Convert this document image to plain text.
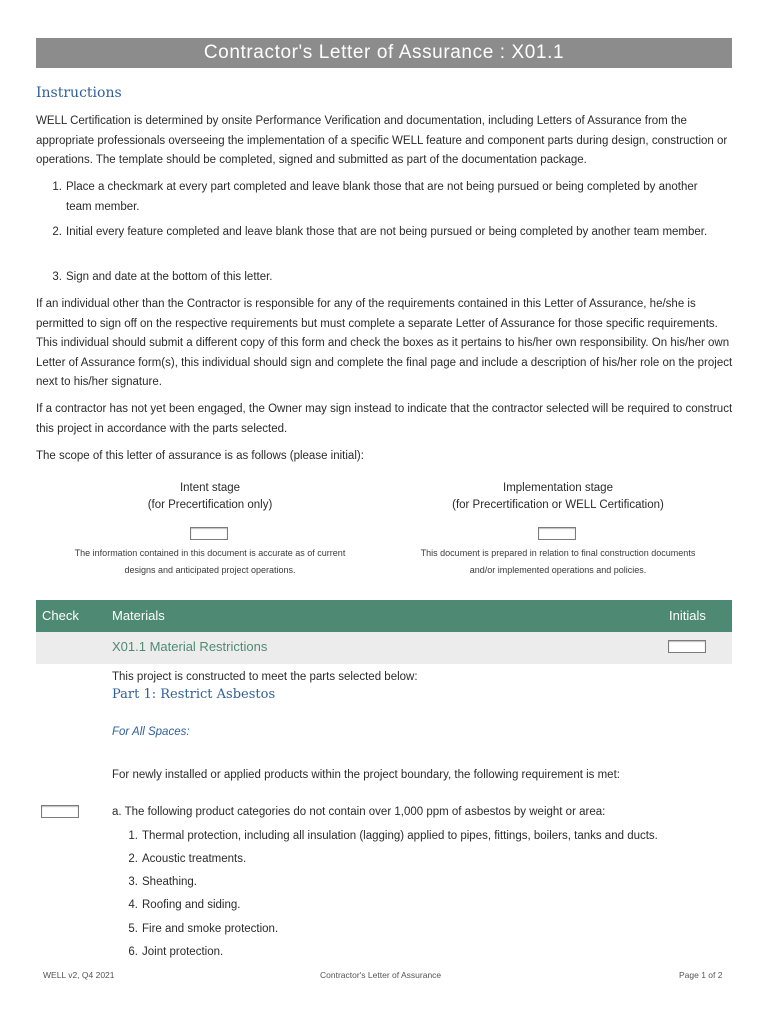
Contractor's Letter of Assurance : X01.1
Instructions

WELL Certification is determined by onsite Performance Verification and documentation, including Letters of Assurance from the appropriate professionals overseeing the implementation of a specific WELL feature and component parts during design, construction or operations. The template should be completed, signed and submitted as part of the documentation package.

1. Place a checkmark at every part completed and leave blank those that are not being pursued or being completed by another team member.
2. Initial every feature completed and leave blank those that are not being pursued or being completed by another team member.
3. Sign and date at the bottom of this letter.

If an individual other than the Contractor is responsible for any of the requirements contained in this Letter of Assurance, he/she is permitted to sign off on the respective requirements but must complete a separate Letter of Assurance for those specific requirements. This individual should submit a different copy of this form and check the boxes as it pertains to his/her own responsibility. On his/her own Letter of Assurance form(s), this individual should sign and complete the final page and include a description of his/her role on the project next to his/her signature.

If a contractor has not yet been engaged, the Owner may sign instead to indicate that the contractor selected will be required to construct this project in accordance with the parts selected.

The scope of this letter of assurance is as follows (please initial):

Intent stage
(for Precertification only)
The information contained in this document is accurate as of current
designs and anticipated project operations.
Implementation stage
(for Precertification or WELL Certification)
This document is prepared in relation to final construction documents
and/or implemented operations and policies.
Check	Materials	Initials
X01.1 Material Restrictions
This project is constructed to meet the parts selected below:
Part 1: Restrict Asbestos
For All Spaces:
For newly installed or applied products within the project boundary, the following requirement is met:
a. The following product categories do not contain over 1,000 ppm of asbestos by weight or area:
1. Thermal protection, including all insulation (lagging) applied to pipes, fittings, boilers, tanks and ducts.
2. Acoustic treatments.
3. Sheathing.
4. Roofing and siding.
5. Fire and smoke protection.
6. Joint protection.
WELL v2, Q4 2021	Contractor's Letter of Assurance	Page 1 of 2
